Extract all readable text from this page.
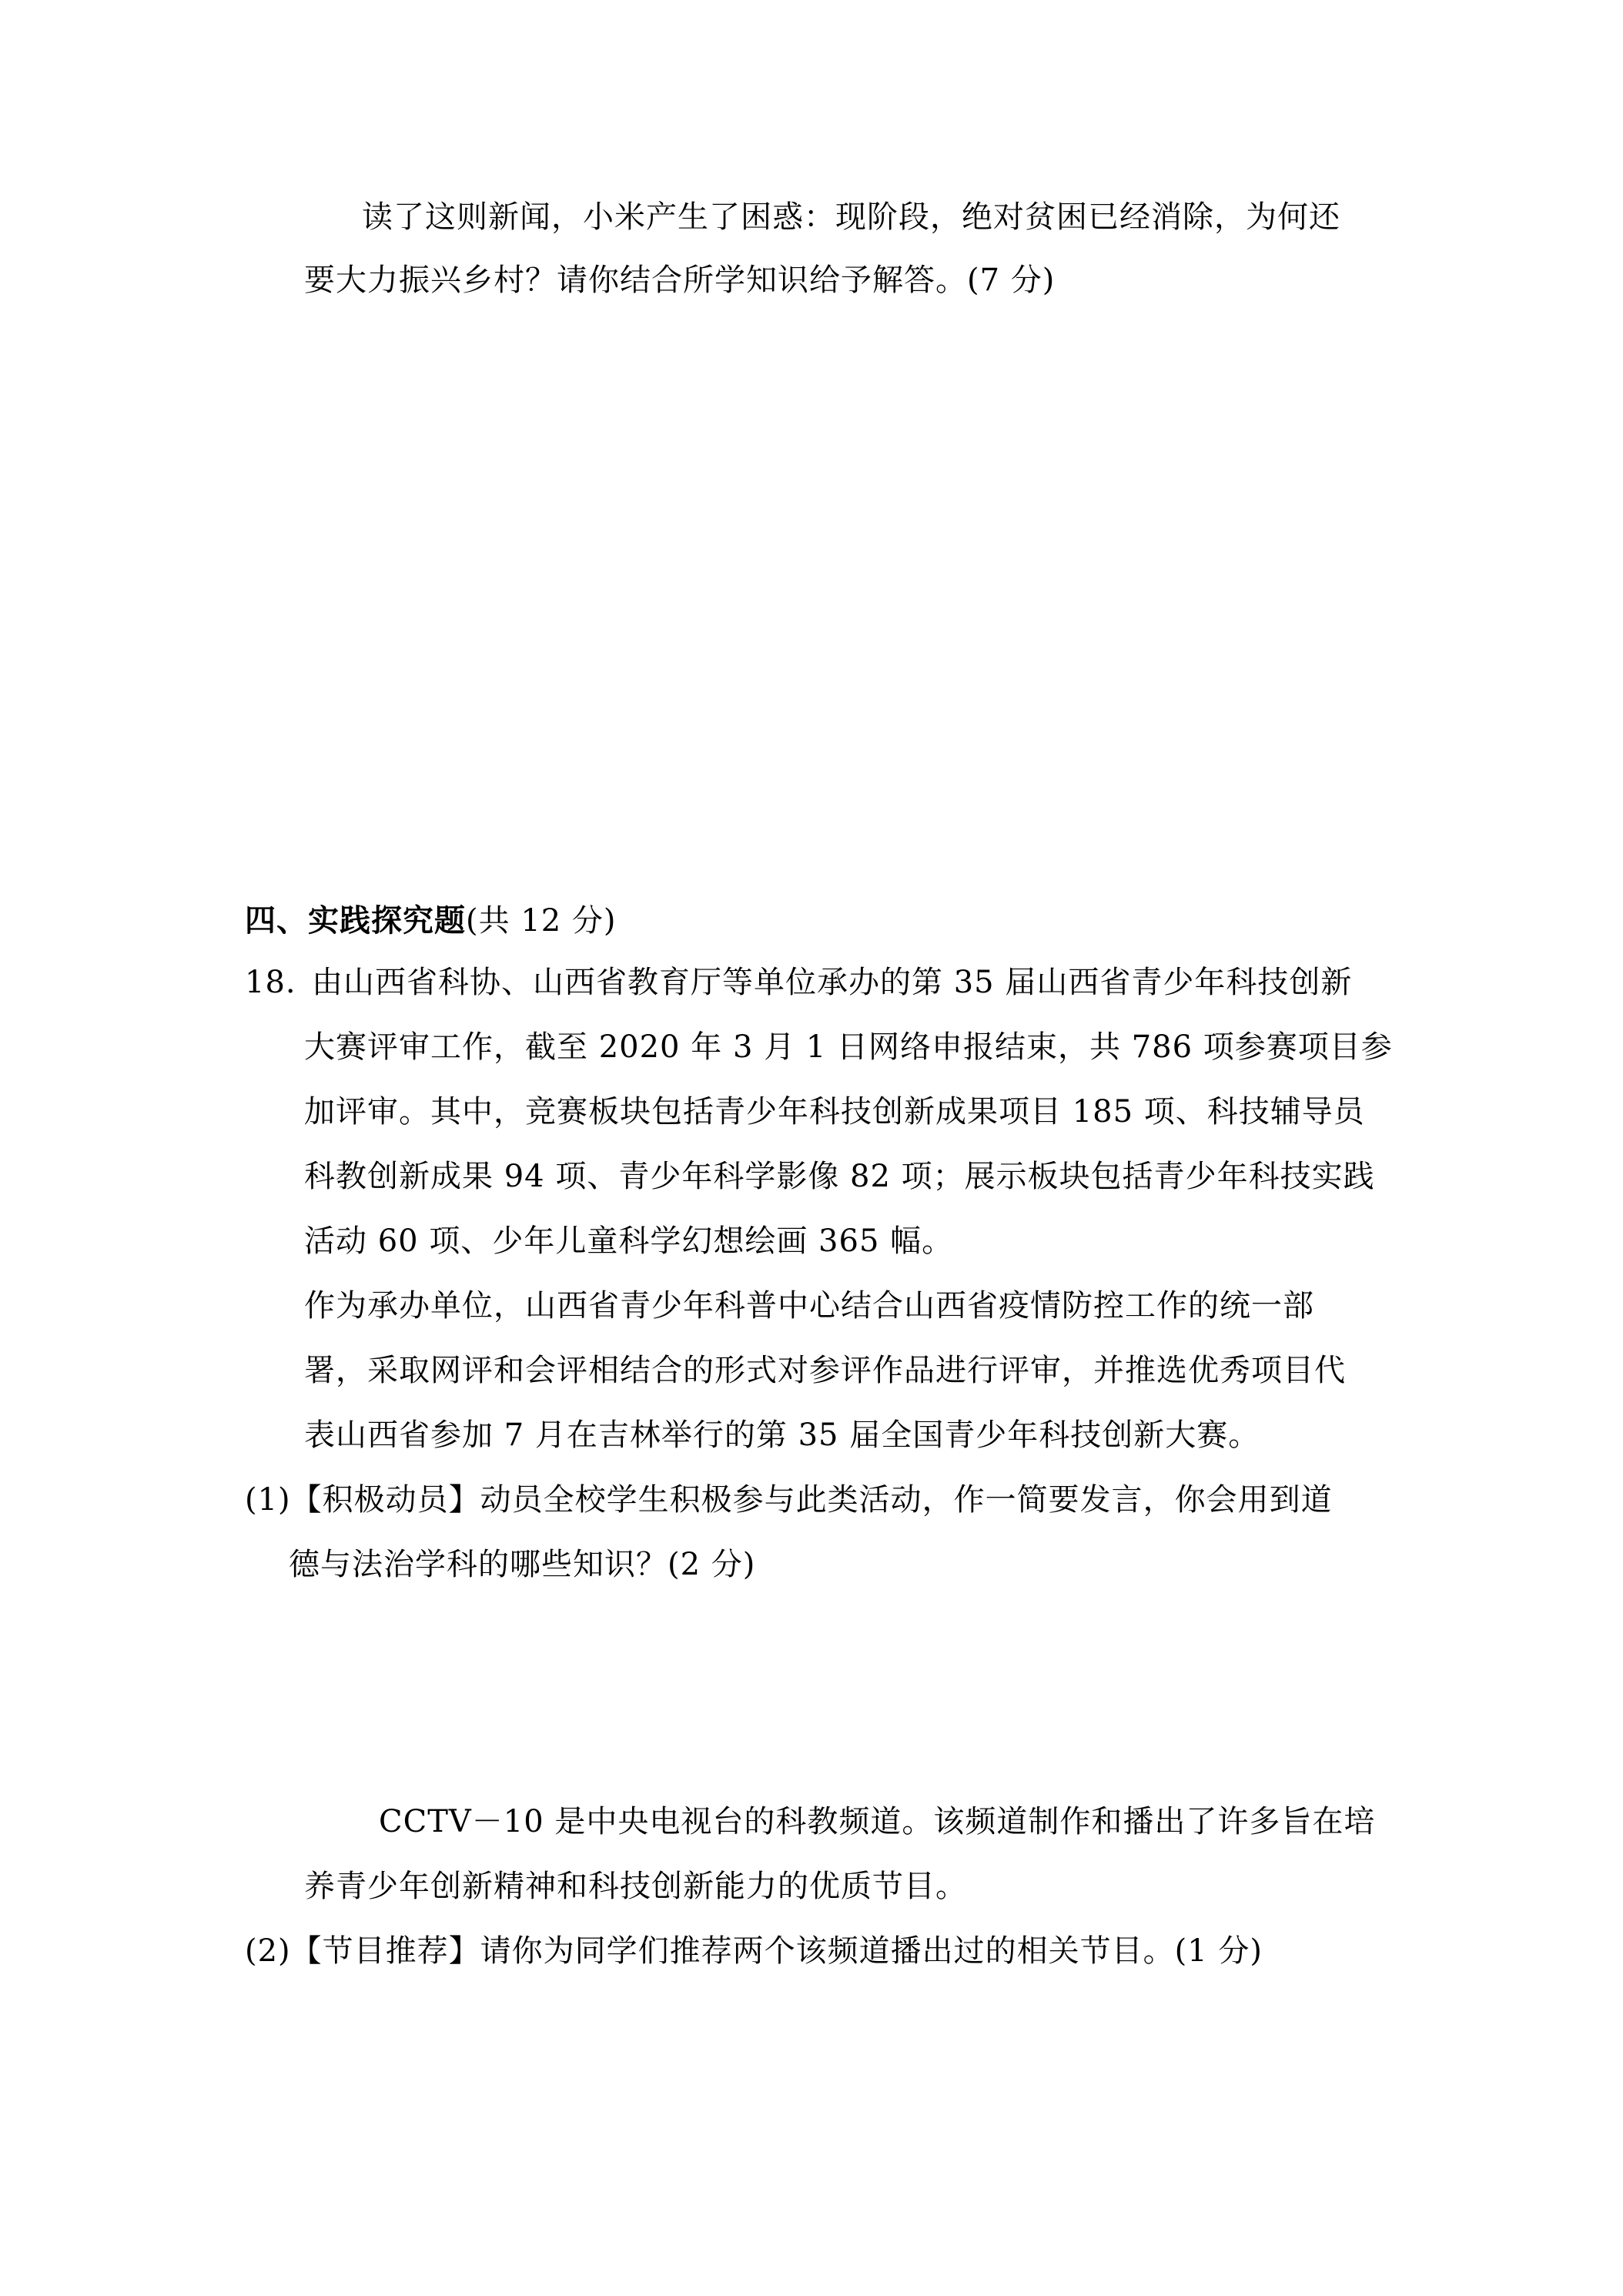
读了这则新闻，小米产生了困惑：现阶段，绝对贫困已经消除，为何还
要大力振兴乡村？请你结合所学知识给予解答。(7 分)
四、实践探究题(共 12 分)
18. 由山西省科协、山西省教育厅等单位承办的第 35 届山西省青少年科技创新
大赛评审工作，截至 2020 年 3 月 1 日网络申报结束，共 786 项参赛项目参
加评审。其中，竞赛板块包括青少年科技创新成果项目 185 项、科技辅导员
科教创新成果 94 项、青少年科学影像 82 项；展示板块包括青少年科技实践
活动 60 项、少年儿童科学幻想绘画 365 幅。
作为承办单位，山西省青少年科普中心结合山西省疫情防控工作的统一部
署，采取网评和会评相结合的形式对参评作品进行评审，并推选优秀项目代
表山西省参加 7 月在吉林举行的第 35 届全国青少年科技创新大赛。
(1)【积极动员】动员全校学生积极参与此类活动，作一简要发言，你会用到道
德与法治学科的哪些知识？(2 分)
CCTV－10 是中央电视台的科教频道。该频道制作和播出了许多旨在培
养青少年创新精神和科技创新能力的优质节目。
(2)【节目推荐】请你为同学们推荐两个该频道播出过的相关节目。(1 分)
